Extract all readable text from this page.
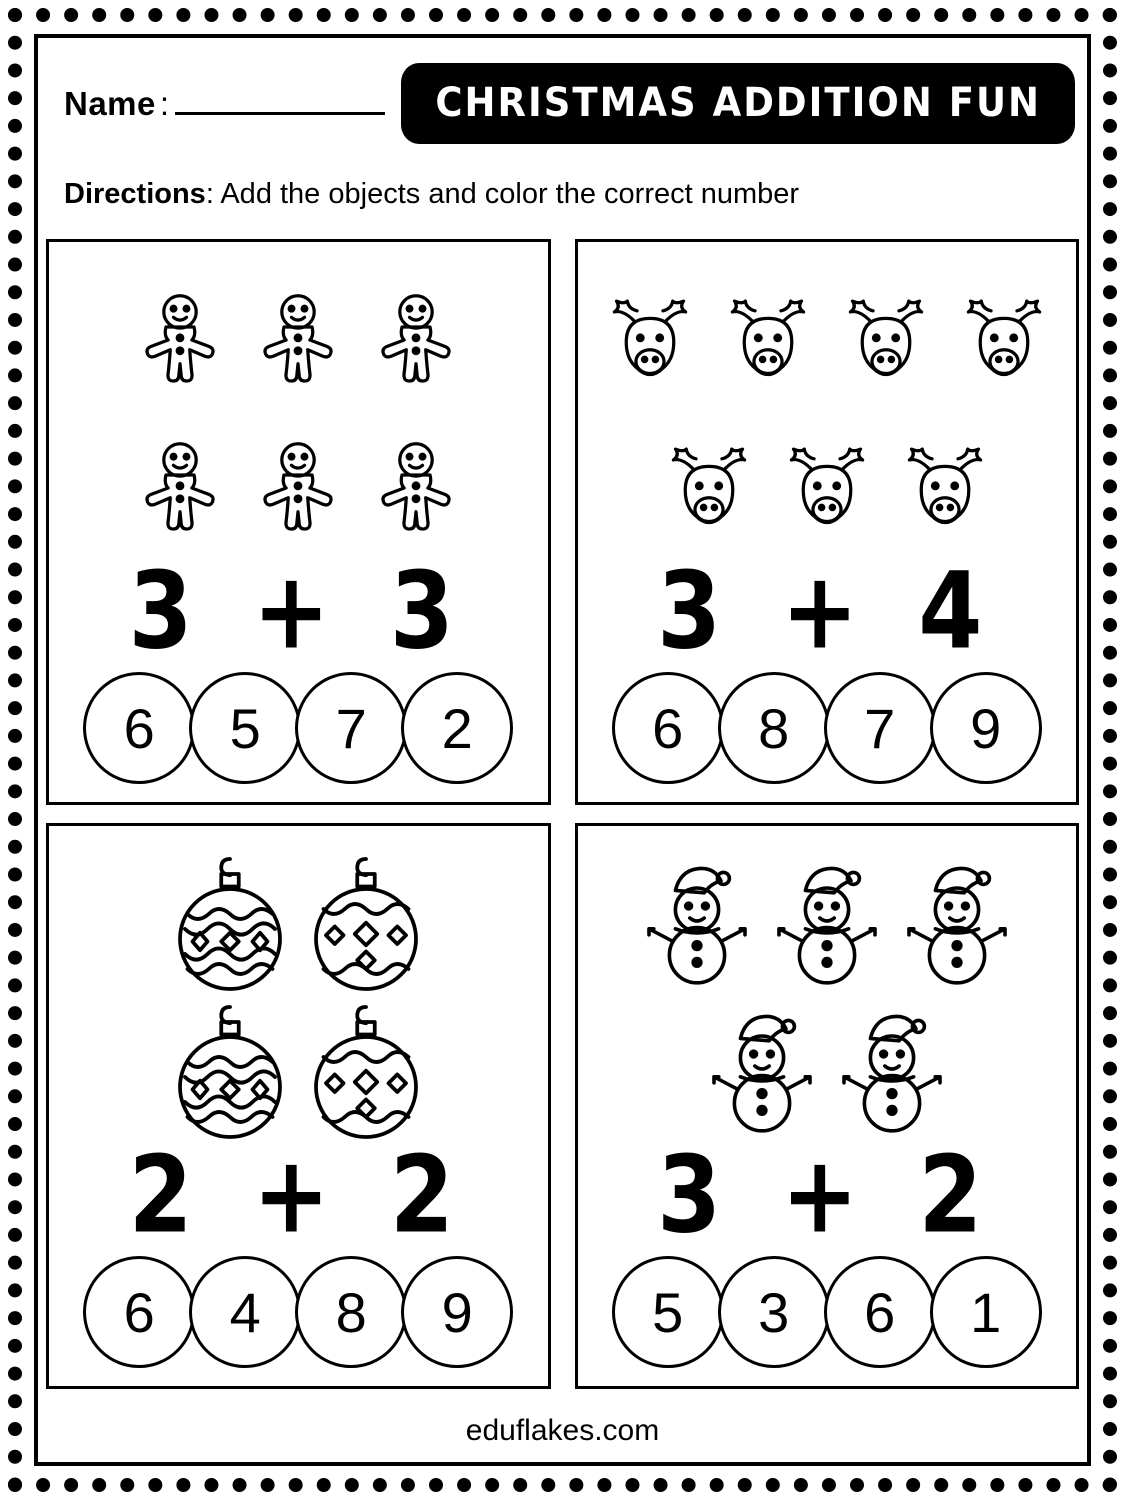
Name :	CHRISTMAS ADDITION FUN
Directions: Add the objects and color the correct number
3 + 3
6	5	7	2
3 + 4
6	8	7	9
2 + 2
6	4	8	9
3 + 2
5	3	6	1
eduflakes.com
